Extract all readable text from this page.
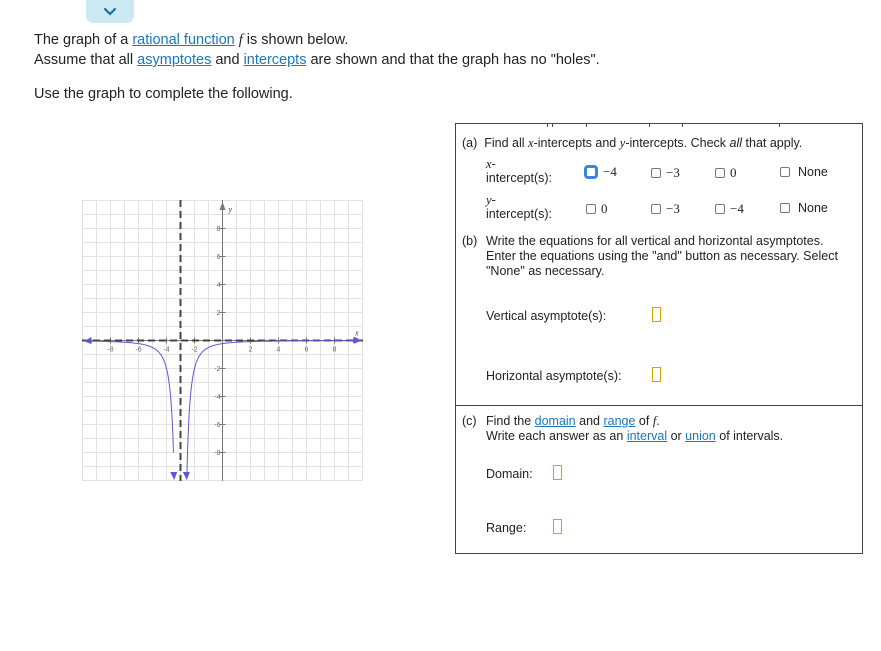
The graph of a rational function f is shown below.

Assume that all asymptotes and intercepts are shown and that the graph has no "holes".

Use the graph to complete the following.

-8	-6	-4	-2	2	4	6	8
8
6
4
2
-2
-4
-6
-8
x
y
(a) Find all x-intercepts and y-intercepts. Check all that apply.
x-
intercept(s):	−4	−3	0	None
y-
intercept(s):	0	−3	−4	None
(b) Write the equations for all vertical and horizontal asymptotes. Enter the equations using the "and" button as necessary. Select "None" as necessary.
Vertical asymptote(s):
Horizontal asymptote(s):
(c) Find the domain and range of f.
Write each answer as an interval or union of intervals.
Domain:
Range:
